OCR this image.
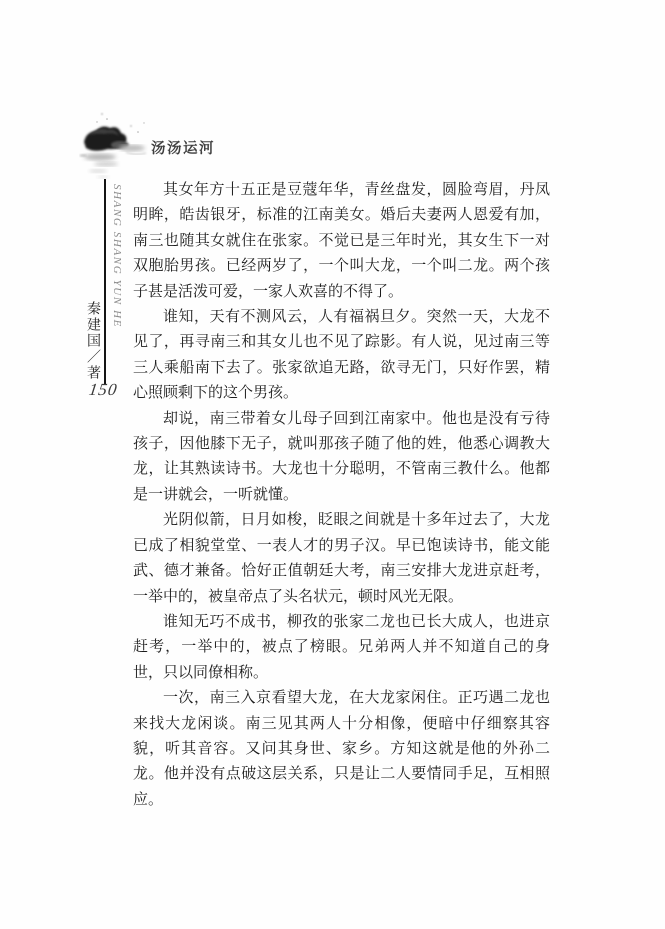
汤汤运河
SHANG SHANG YUN HE
秦建国／著
150

其女年方十五正是豆蔻年华，青丝盘发，圆脸弯眉，丹凤明眸，皓齿银牙，标准的江南美女。婚后夫妻两人恩爱有加，南三也随其女就住在张家。不觉已是三年时光，其女生下一对双胞胎男孩。已经两岁了，一个叫大龙，一个叫二龙。两个孩子甚是活泼可爱，一家人欢喜的不得了。

谁知，天有不测风云，人有福祸旦夕。突然一天，大龙不见了，再寻南三和其女儿也不见了踪影。有人说，见过南三等三人乘船南下去了。张家欲追无路，欲寻无门，只好作罢，精心照顾剩下的这个男孩。

却说，南三带着女儿母子回到江南家中。他也是没有亏待孩子，因他膝下无子，就叫那孩子随了他的姓，他悉心调教大龙，让其熟读诗书。大龙也十分聪明，不管南三教什么。他都是一讲就会，一听就懂。

光阴似箭，日月如梭，眨眼之间就是十多年过去了，大龙已成了相貌堂堂、一表人才的男子汉。早已饱读诗书，能文能武、德才兼备。恰好正值朝廷大考，南三安排大龙进京赶考，一举中的，被皇帝点了头名状元，顿时风光无限。

谁知无巧不成书，柳孜的张家二龙也已长大成人，也进京赶考，一举中的，被点了榜眼。兄弟两人并不知道自己的身世，只以同僚相称。

一次，南三入京看望大龙，在大龙家闲住。正巧遇二龙也来找大龙闲谈。南三见其两人十分相像，便暗中仔细察其容貌，听其音容。又问其身世、家乡。方知这就是他的外孙二龙。他并没有点破这层关系，只是让二人要情同手足，互相照应。
